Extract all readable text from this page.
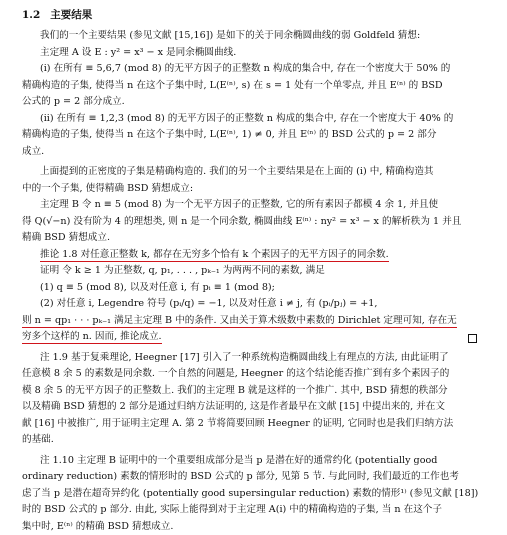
1.2 主要结果

我们的一个主要结果 (参见文献 [15,16]) 是如下的关于同余椭圆曲线的弱 Goldfeld 猜想:

主定理 A 设 E : y² = x³ − x 是同余椭圆曲线.

(i) 在所有 ≡ 5,6,7 (mod 8) 的无平方因子的正整数 n 构成的集合中, 存在一个密度大于 50% 的

精确构造的子集, 使得当 n 在这个子集中时, L(E⁽ⁿ⁾, s) 在 s = 1 处有一个单零点, 并且 E⁽ⁿ⁾ 的 BSD

公式的 p = 2 部分成立.

(ii) 在所有 ≡ 1,2,3 (mod 8) 的无平方因子的正整数 n 构成的集合中, 存在一个密度大于 40% 的

精确构造的子集, 使得当 n 在这个子集中时, L(E⁽ⁿ⁾, 1) ≠ 0, 并且 E⁽ⁿ⁾ 的 BSD 公式的 p = 2 部分

成立.

上面提到的正密度的子集是精确构造的. 我们的另一个主要结果是在上面的 (i) 中, 精确构造其

中的一个子集, 使得精确 BSD 猜想成立:

主定理 B 令 n ≡ 5 (mod 8) 为一个无平方因子的正整数, 它的所有素因子都模 4 余 1, 并且使

得 Q(√−n) 没有阶为 4 的理想类, 则 n 是一个同余数, 椭圆曲线 E⁽ⁿ⁾ : ny² = x³ − x 的解析秩为 1 并且

精确 BSD 猜想成立.

推论 1.8 对任意正整数 k, 都存在无穷多个恰有 k 个素因子的无平方因子的同余数.

证明 令 k ≥ 1 为正整数, q, p₁, . . . , pₖ₋₁ 为两两不同的素数, 满足

(1) q ≡ 5 (mod 8), 以及对任意 i, 有 pᵢ ≡ 1 (mod 8);

(2) 对任意 i, Legendre 符号 (pᵢ/q) = −1, 以及对任意 i ≠ j, 有 (pᵢ/pⱼ) = +1,

则 n = qp₁ · · · pₖ₋₁ 满足主定理 B 中的条件. 又由关于算术级数中素数的 Dirichlet 定理可知, 存在无

穷多个这样的 n. 因而, 推论成立.

注 1.9 基于复乘理论, Heegner [17] 引入了一种系统构造椭圆曲线上有理点的方法, 由此证明了

任意模 8 余 5 的素数是同余数. 一个自然的问题是, Heegner 的这个结论能否推广到有多个素因子的

模 8 余 5 的无平方因子的正整数上. 我们的主定理 B 就是这样的一个推广. 其中, BSD 猜想的秩部分

以及精确 BSD 猜想的 2 部分是通过归纳方法证明的, 这是作者最早在文献 [15] 中提出来的, 并在文

献 [16] 中被推广, 用于证明主定理 A. 第 2 节将简要回顾 Heegner 的证明, 它同时也是我们归纳方法

的基础.

注 1.10 主定理 B 证明中的一个重要组成部分是当 p 是潜在好的通常约化 (potentially good

ordinary reduction) 素数的情形时的 BSD 公式的 p 部分, 见第 5 节. 与此同时, 我们最近的工作也考

虑了当 p 是潜在超奇异约化 (potentially good supersingular reduction) 素数的情形¹⁾ (参见文献 [18])

时的 BSD 公式的 p 部分. 由此, 实际上能得到对于主定理 A(i) 中的精确构造的子集, 当 n 在这个子

集中时, E⁽ⁿ⁾ 的精确 BSD 猜想成立.
